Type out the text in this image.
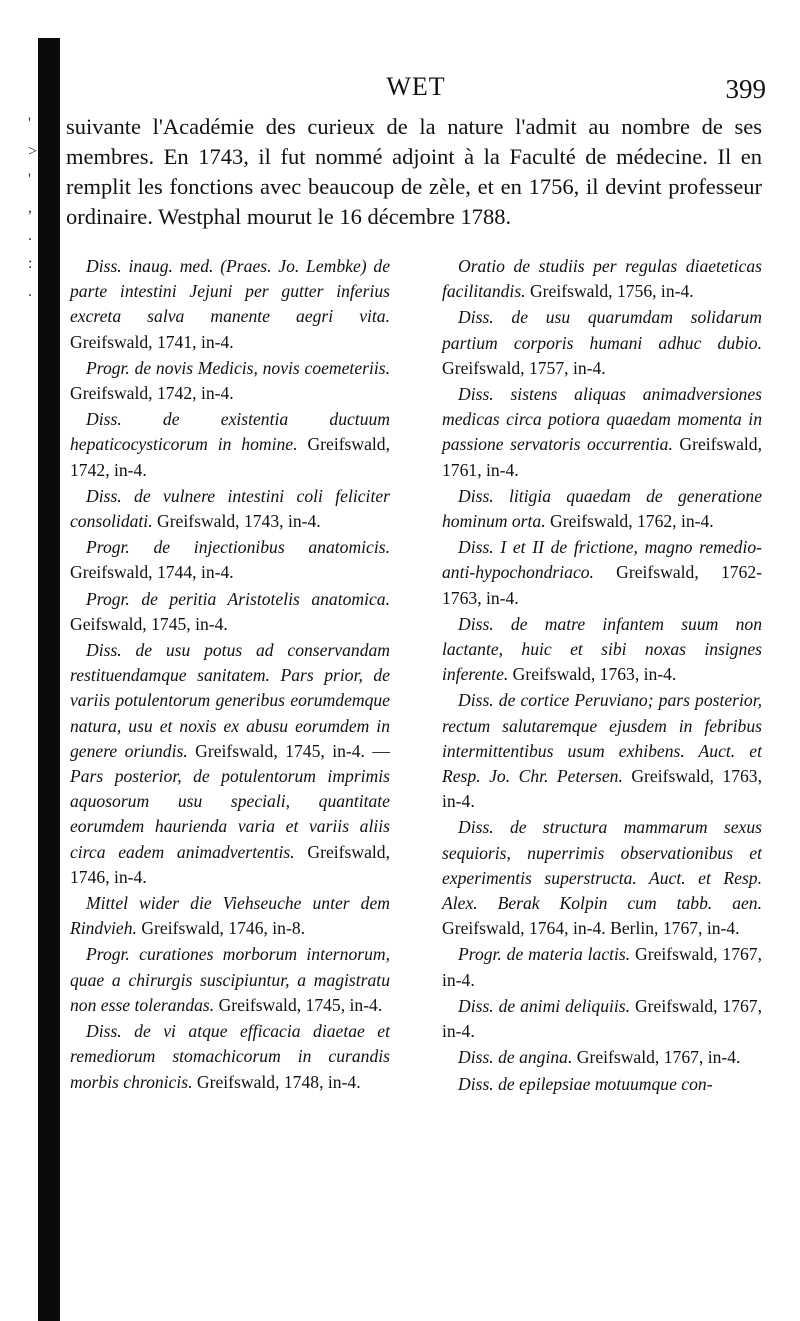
'
>
'
,
.
:
.
WET	399

suivante l'Académie des curieux de la nature l'admit au nombre de ses membres. En 1743, il fut nommé adjoint à la Faculté de médecine. Il en remplit les fonctions avec beaucoup de zèle, et en 1756, il devint professeur ordinaire. Westphal mourut le 16 décembre 1788.

Diss. inaug. med. (Praes. Jo. Lembke) de parte intestini Jejuni per gutter inferius excreta salva manente aegri vita. Greifswald, 1741, in-4.

Progr. de novis Medicis, novis coemeteriis. Greifswald, 1742, in-4.

Diss. de existentia ductuum hepaticocysticorum in homine. Greifswald, 1742, in-4.

Diss. de vulnere intestini coli feliciter consolidati. Greifswald, 1743, in-4.

Progr. de injectionibus anatomicis. Greifswald, 1744, in-4.

Progr. de peritia Aristotelis anatomica. Geifswald, 1745, in-4.

Diss. de usu potus ad conservandam restituendamque sanitatem. Pars prior, de variis potulentorum generibus eorumdemque natura, usu et noxis ex abusu eorumdem in genere oriundis. Greifswald, 1745, in-4. — Pars posterior, de potulentorum imprimis aquosorum usu speciali, quantitate eorumdem haurienda varia et variis aliis circa eadem animadvertentis. Greifswald, 1746, in-4.

Mittel wider die Viehseuche unter dem Rindvieh. Greifswald, 1746, in-8.

Progr. curationes morborum internorum, quae a chirurgis suscipiuntur, a magistratu non esse tolerandas. Greifswald, 1745, in-4.

Diss. de vi atque efficacia diaetae et remediorum stomachicorum in curandis morbis chronicis. Greifswald, 1748, in-4.

Oratio de studiis per regulas diaeteticas facilitandis. Greifswald, 1756, in-4.

Diss. de usu quarumdam solidarum partium corporis humani adhuc dubio. Greifswald, 1757, in-4.

Diss. sistens aliquas animadversiones medicas circa potiora quaedam momenta in passione servatoris occurrentia. Greifswald, 1761, in-4.

Diss. litigia quaedam de generatione hominum orta. Greifswald, 1762, in-4.

Diss. I et II de frictione, magno remedio-anti-hypochondriaco. Greifswald, 1762-1763, in-4.

Diss. de matre infantem suum non lactante, huic et sibi noxas insignes inferente. Greifswald, 1763, in-4.

Diss. de cortice Peruviano; pars posterior, rectum salutaremque ejusdem in febribus intermittentibus usum exhibens. Auct. et Resp. Jo. Chr. Petersen. Greifswald, 1763, in-4.

Diss. de structura mammarum sexus sequioris, nuperrimis observationibus et experimentis superstructa. Auct. et Resp. Alex. Berak Kolpin cum tabb. aen. Greifswald, 1764, in-4. Berlin, 1767, in-4.

Progr. de materia lactis. Greifswald, 1767, in-4.

Diss. de animi deliquiis. Greifswald, 1767, in-4.

Diss. de angina. Greifswald, 1767, in-4.

Diss. de epilepsiae motuumque con-
